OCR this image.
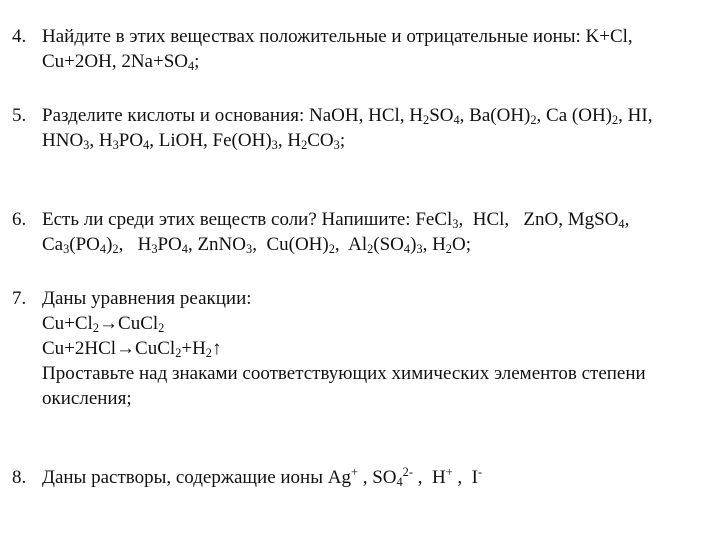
4. Найдите в этих веществах положительные и отрицательные ионы: K+Cl,
Cu+2OH, $2Na+SO_4$;
5. Разделите кислоты и основания: NaOH, HCl, $H_2SO_4$, $Ba(OH)_2$, Ca $(OH)_2$, HI,
$HNO_3$, $H_3PO_4$, LiOH, $Fe(OH)_3$, $H_2CO_3$;
6. Есть ли среди этих веществ соли? Напишите: FeCl$_3$,  HCl,   ZnO, MgSO$_4$,
$Ca_3(PO_4)_2$,   $H_3PO_4$, ZnNO$_3$,  $Cu(OH)_2$,  $Al_2(SO_4)_3$, $H_2O$;
7. Даны уравнения реакции:
$Cu+Cl_2\to CuCl_2$
$Cu+2HCl\to CuCl_2+H_2↑$
Проставьте над знаками соответствующих химических элементов степени
окисления;
8. Даны растворы, содержащие ионы Ag+ , $SO_4^{2-}$ ,  H+ ,  I-
